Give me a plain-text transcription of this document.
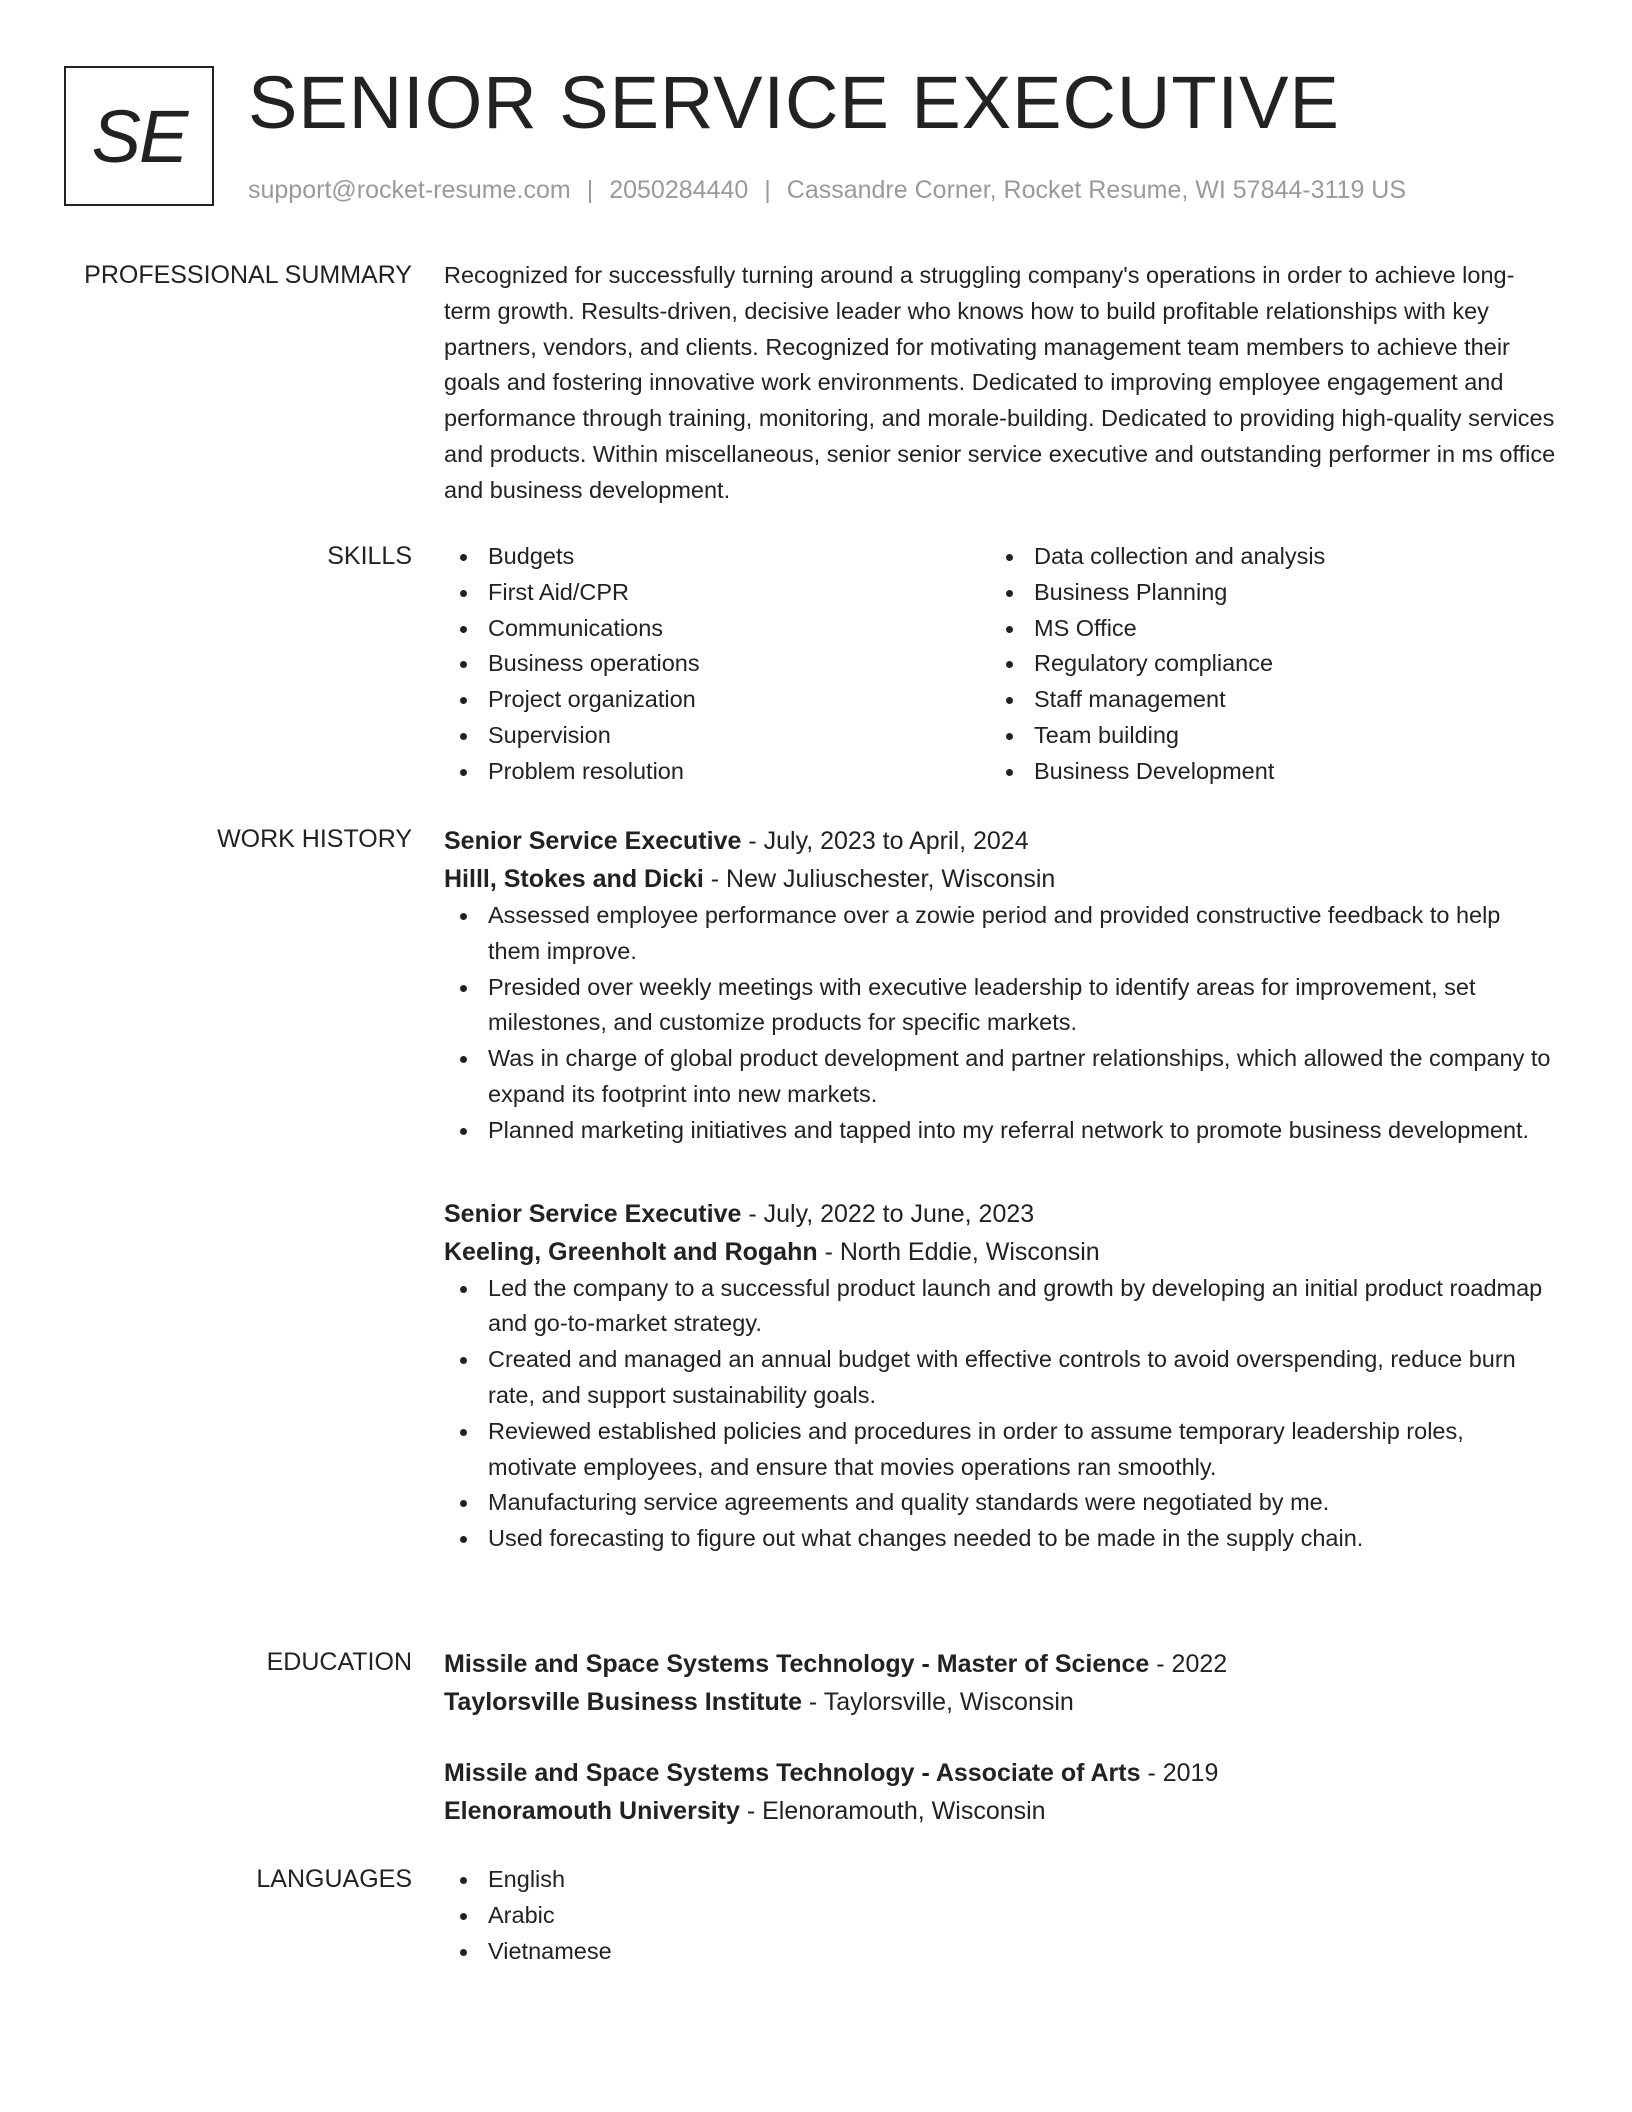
SE SENIOR SERVICE EXECUTIVE
support@rocket-resume.com | 2050284440 | Cassandre Corner, Rocket Resume, WI 57844-3119 US
PROFESSIONAL SUMMARY Recognized for successfully turning around a struggling company's operations in order to achieve long-term growth. Results-driven, decisive leader who knows how to build profitable relationships with key partners, vendors, and clients. Recognized for motivating management team members to achieve their goals and fostering innovative work environments. Dedicated to improving employee engagement and performance through training, monitoring, and morale-building. Dedicated to providing high-quality services and products. Within miscellaneous, senior senior service executive and outstanding performer in ms office and business development.

SKILLS	Budgets
First Aid/CPR
Communications
Business operations
Project organization
Supervision
Problem resolution
Data collection and analysis
Business Planning
MS Office
Regulatory compliance
Staff management
Team building
Business Development
WORK HISTORY Senior Service Executive - July, 2023 to April, 2024
Hilll, Stokes and Dicki - New Juliuschester, Wisconsin
Assessed employee performance over a zowie period and provided constructive feedback to help them improve.
Presided over weekly meetings with executive leadership to identify areas for improvement, set milestones, and customize products for specific markets.
Was in charge of global product development and partner relationships, which allowed the company to expand its footprint into new markets.
Planned marketing initiatives and tapped into my referral network to promote business development.
Senior Service Executive - July, 2022 to June, 2023
Keeling, Greenholt and Rogahn - North Eddie, Wisconsin
Led the company to a successful product launch and growth by developing an initial product roadmap and go-to-market strategy.
Created and managed an annual budget with effective controls to avoid overspending, reduce burn rate, and support sustainability goals.
Reviewed established policies and procedures in order to assume temporary leadership roles, motivate employees, and ensure that movies operations ran smoothly.
Manufacturing service agreements and quality standards were negotiated by me.
Used forecasting to figure out what changes needed to be made in the supply chain.
EDUCATION Missile and Space Systems Technology - Master of Science - 2022
Taylorsville Business Institute - Taylorsville, Wisconsin
Missile and Space Systems Technology - Associate of Arts - 2019
Elenoramouth University - Elenoramouth, Wisconsin
LANGUAGES	English
Arabic
Vietnamese
